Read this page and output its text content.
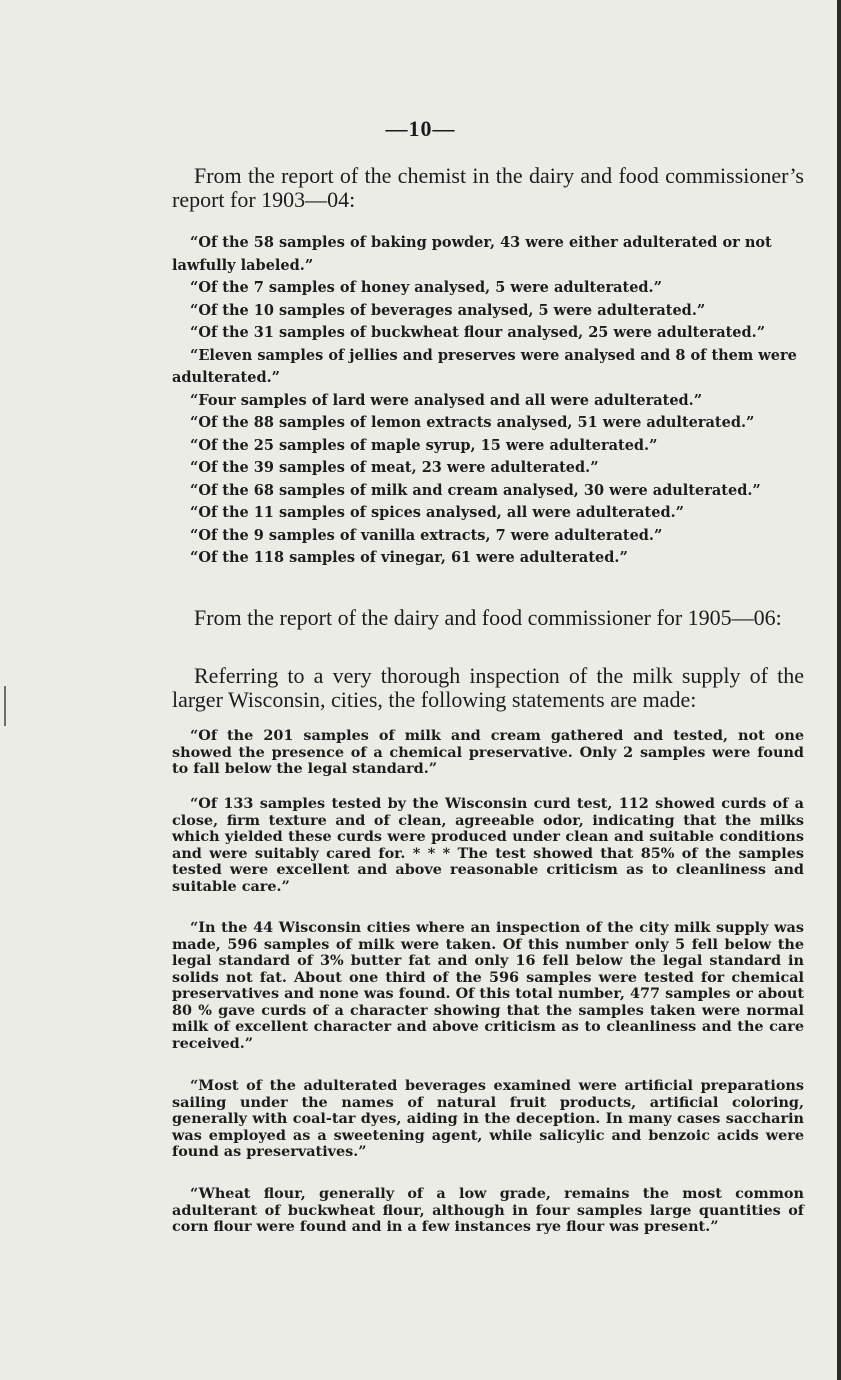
—10—
From the report of the chemist in the dairy and food commissioner’s report for 1903—04:

“Of the 58 samples of baking powder, 43 were either adulterated or not lawfully labeled.”

“Of the 7 samples of honey analysed, 5 were adulterated.”

“Of the 10 samples of beverages analysed, 5 were adulterated.”

“Of the 31 samples of buckwheat flour analysed, 25 were adulterated.”

“Eleven samples of jellies and preserves were analysed and 8 of them were adulterated.”

“Four samples of lard were analysed and all were adulterated.”

“Of the 88 samples of lemon extracts analysed, 51 were adulterated.”

“Of the 25 samples of maple syrup, 15 were adulterated.”

“Of the 39 samples of meat, 23 were adulterated.”

“Of the 68 samples of milk and cream analysed, 30 were adulterated.”

“Of the 11 samples of spices analysed, all were adulterated.”

“Of the 9 samples of vanilla extracts, 7 were adulterated.”

“Of the 118 samples of vinegar, 61 were adulterated.”

From the report of the dairy and food commissioner for 1905—06:
Referring to a very thorough inspection of the milk supply of the larger Wisconsin, cities, the following statements are made:
“Of the 201 samples of milk and cream gathered and tested, not one showed the presence of a chemical preservative. Only 2 samples were found to fall below the legal standard.”
“Of 133 samples tested by the Wisconsin curd test, 112 showed curds of a close, firm texture and of clean, agreeable odor, indicating that the milks which yielded these curds were produced under clean and suitable conditions and were suitably cared for. * * * The test showed that 85% of the samples tested were excellent and above reasonable criticism as to cleanliness and suitable care.”
“In the 44 Wisconsin cities where an inspection of the city milk supply was made, 596 samples of milk were taken. Of this number only 5 fell below the legal standard of 3% butter fat and only 16 fell below the legal standard in solids not fat. About one third of the 596 samples were tested for chemical preservatives and none was found. Of this total number, 477 samples or about 80 % gave curds of a character showing that the samples taken were normal milk of excellent character and above criticism as to cleanliness and the care received.”
“Most of the adulterated beverages examined were artificial preparations sailing under the names of natural fruit products, artificial coloring, generally with coal-tar dyes, aiding in the deception. In many cases saccharin was employed as a sweetening agent, while salicylic and benzoic acids were found as preservatives.”
“Wheat flour, generally of a low grade, remains the most common adulterant of buckwheat flour, although in four samples large quantities of corn flour were found and in a few instances rye flour was present.”
